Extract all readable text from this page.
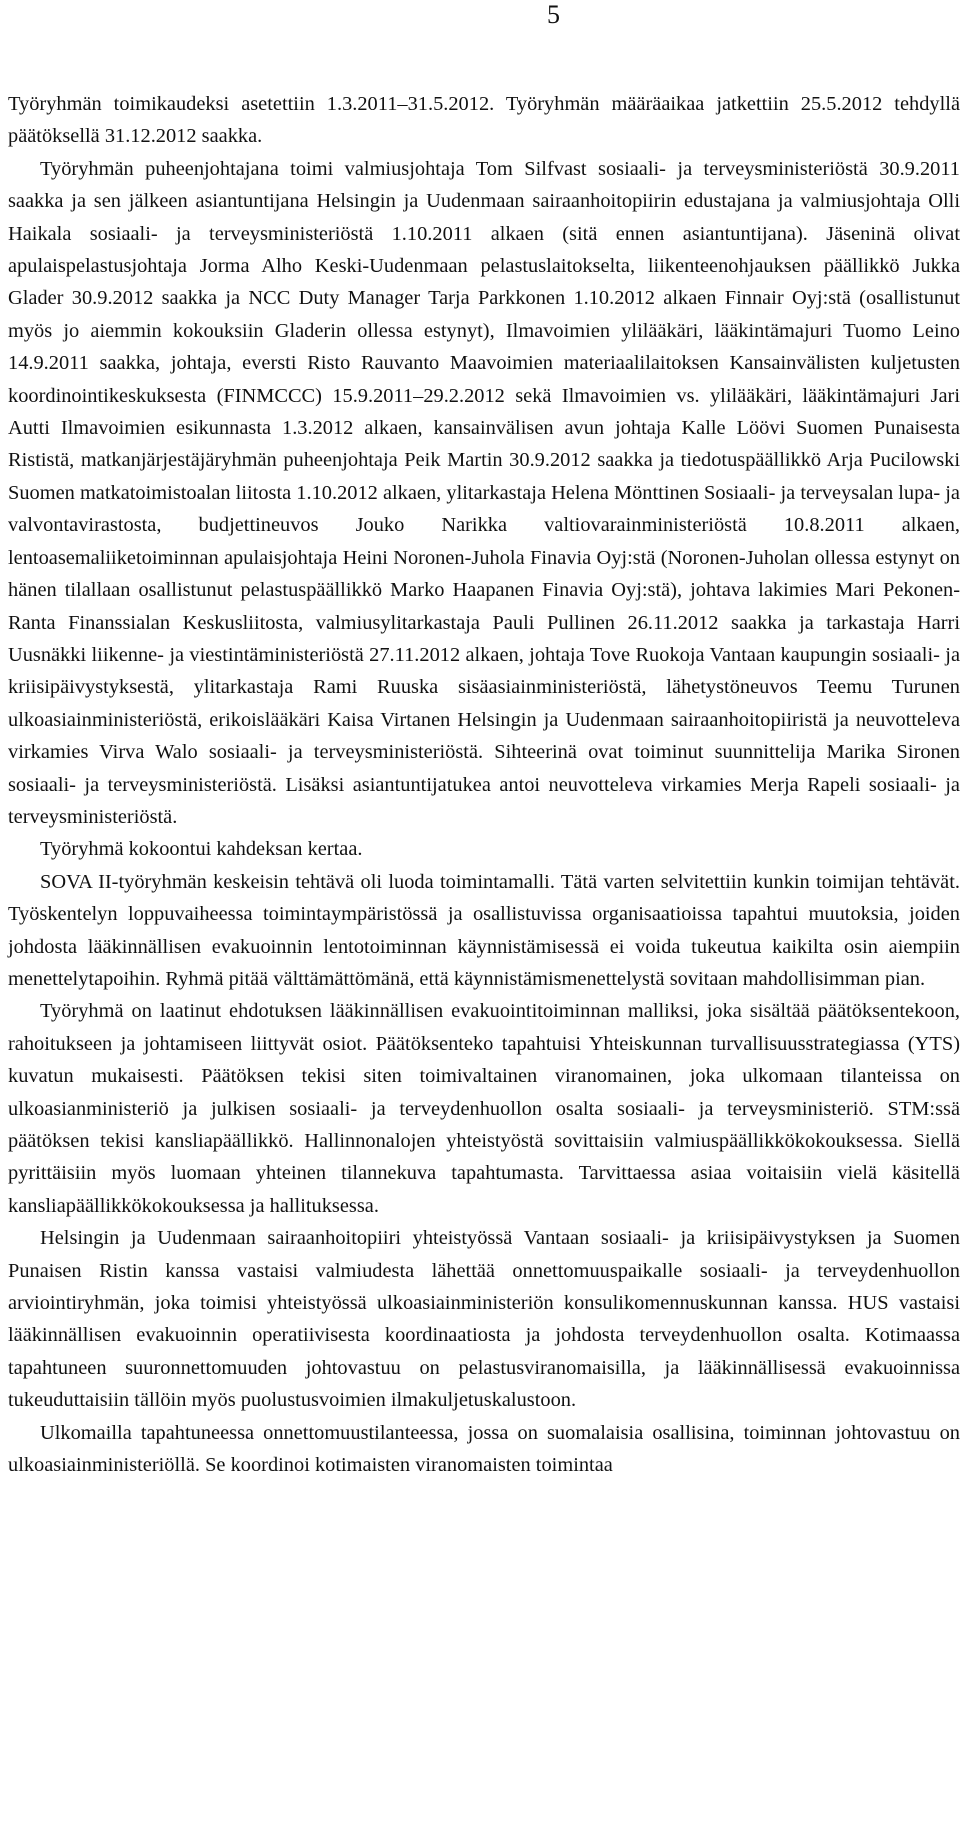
5

Työryhmän toimikaudeksi asetettiin 1.3.2011–31.5.2012. Työryhmän määräaikaa jatkettiin 25.5.2012 tehdyllä päätöksellä 31.12.2012 saakka.

Työryhmän puheenjohtajana toimi valmiusjohtaja Tom Silfvast sosiaali- ja terveysministeriöstä 30.9.2011 saakka ja sen jälkeen asiantuntijana Helsingin ja Uudenmaan sairaanhoitopiirin edustajana ja valmiusjohtaja Olli Haikala sosiaali- ja terveysministeriöstä 1.10.2011 alkaen (sitä ennen asiantuntijana). Jäseninä olivat apulaispelastusjohtaja Jorma Alho Keski-Uudenmaan pelastuslaitokselta, liikenteenohjauksen päällikkö Jukka Glader 30.9.2012 saakka ja NCC Duty Manager Tarja Parkkonen 1.10.2012 alkaen Finnair Oyj:stä (osallistunut myös jo aiemmin kokouksiin Gladerin ollessa estynyt), Ilmavoimien ylilääkäri, lääkintämajuri Tuomo Leino 14.9.2011 saakka, johtaja, eversti Risto Rauvanto Maavoimien materiaalilaitoksen Kansainvälisten kuljetusten koordinointikeskuksesta (FINMCCC) 15.9.2011–29.2.2012 sekä Ilmavoimien vs. ylilääkäri, lääkintämajuri Jari Autti Ilmavoimien esikunnasta 1.3.2012 alkaen, kansainvälisen avun johtaja Kalle Löövi Suomen Punaisesta Rististä, matkanjärjestäjäryhmän puheenjohtaja Peik Martin 30.9.2012 saakka ja tiedotuspäällikkö Arja Pucilowski Suomen matkatoimistoalan liitosta 1.10.2012 alkaen, ylitarkastaja Helena Mönttinen Sosiaali- ja terveysalan lupa- ja valvontavirastosta, budjettineuvos Jouko Narikka valtiovarainministeriöstä 10.8.2011 alkaen, lentoasemaliiketoiminnan apulaisjohtaja Heini Noronen-Juhola Finavia Oyj:stä (Noronen-Juholan ollessa estynyt on hänen tilallaan osallistunut pelastuspäällikkö Marko Haapanen Finavia Oyj:stä), johtava lakimies Mari Pekonen-Ranta Finanssialan Keskusliitosta, valmiusylitarkastaja Pauli Pullinen 26.11.2012 saakka ja tarkastaja Harri Uusnäkki liikenne- ja viestintäministeriöstä 27.11.2012 alkaen, johtaja Tove Ruokoja Vantaan kaupungin sosiaali- ja kriisipäivystyksestä, ylitarkastaja Rami Ruuska sisäasiainministeriöstä, lähetystöneuvos Teemu Turunen ulkoasiainministeriöstä, erikoislääkäri Kaisa Virtanen Helsingin ja Uudenmaan sairaanhoitopiiristä ja neuvotteleva virkamies Virva Walo sosiaali- ja terveysministeriöstä. Sihteerinä ovat toiminut suunnittelija Marika Sironen sosiaali- ja terveysministeriöstä. Lisäksi asiantuntijatukea antoi neuvotteleva virkamies Merja Rapeli sosiaali- ja terveysministeriöstä.

Työryhmä kokoontui kahdeksan kertaa.

SOVA II-työryhmän keskeisin tehtävä oli luoda toimintamalli. Tätä varten selvitettiin kunkin toimijan tehtävät. Työskentelyn loppuvaiheessa toimintaympäristössä ja osallistuvissa organisaatioissa tapahtui muutoksia, joiden johdosta lääkinnällisen evakuoinnin lentotoiminnan käynnistämisessä ei voida tukeutua kaikilta osin aiempiin menettelytapoihin. Ryhmä pitää välttämättömänä, että käynnistämismenettelystä sovitaan mahdollisimman pian.

Työryhmä on laatinut ehdotuksen lääkinnällisen evakuointitoiminnan malliksi, joka sisältää päätöksentekoon, rahoitukseen ja johtamiseen liittyvät osiot. Päätöksenteko tapahtuisi Yhteiskunnan turvallisuusstrategiassa (YTS) kuvatun mukaisesti. Päätöksen tekisi siten toimivaltainen viranomainen, joka ulkomaan tilanteissa on ulkoasianministeriö ja julkisen sosiaali- ja terveydenhuollon osalta sosiaali- ja terveysministeriö. STM:ssä päätöksen tekisi kansliapäällikkö. Hallinnonalojen yhteistyöstä sovittaisiin valmiuspäällikkökokouksessa. Siellä pyrittäisiin myös luomaan yhteinen tilannekuva tapahtumasta. Tarvittaessa asiaa voitaisiin vielä käsitellä kansliapäällikkökokouksessa ja hallituksessa.

Helsingin ja Uudenmaan sairaanhoitopiiri yhteistyössä Vantaan sosiaali- ja kriisipäivystyksen ja Suomen Punaisen Ristin kanssa vastaisi valmiudesta lähettää onnettomuuspaikalle sosiaali- ja terveydenhuollon arviointiryhmän, joka toimisi yhteistyössä ulkoasiainministeriön konsulikomennuskunnan kanssa. HUS vastaisi lääkinnällisen evakuoinnin operatiivisesta koordinaatiosta ja johdosta terveydenhuollon osalta. Kotimaassa tapahtuneen suuronnettomuuden johtovastuu on pelastusviranomaisilla, ja lääkinnällisessä evakuoinnissa tukeuduttaisiin tällöin myös puolustusvoimien ilmakuljetuskalustoon.

Ulkomailla tapahtuneessa onnettomuustilanteessa, jossa on suomalaisia osallisina, toiminnan johtovastuu on ulkoasiainministeriöllä. Se koordinoi kotimaisten viranomaisten toimintaa
